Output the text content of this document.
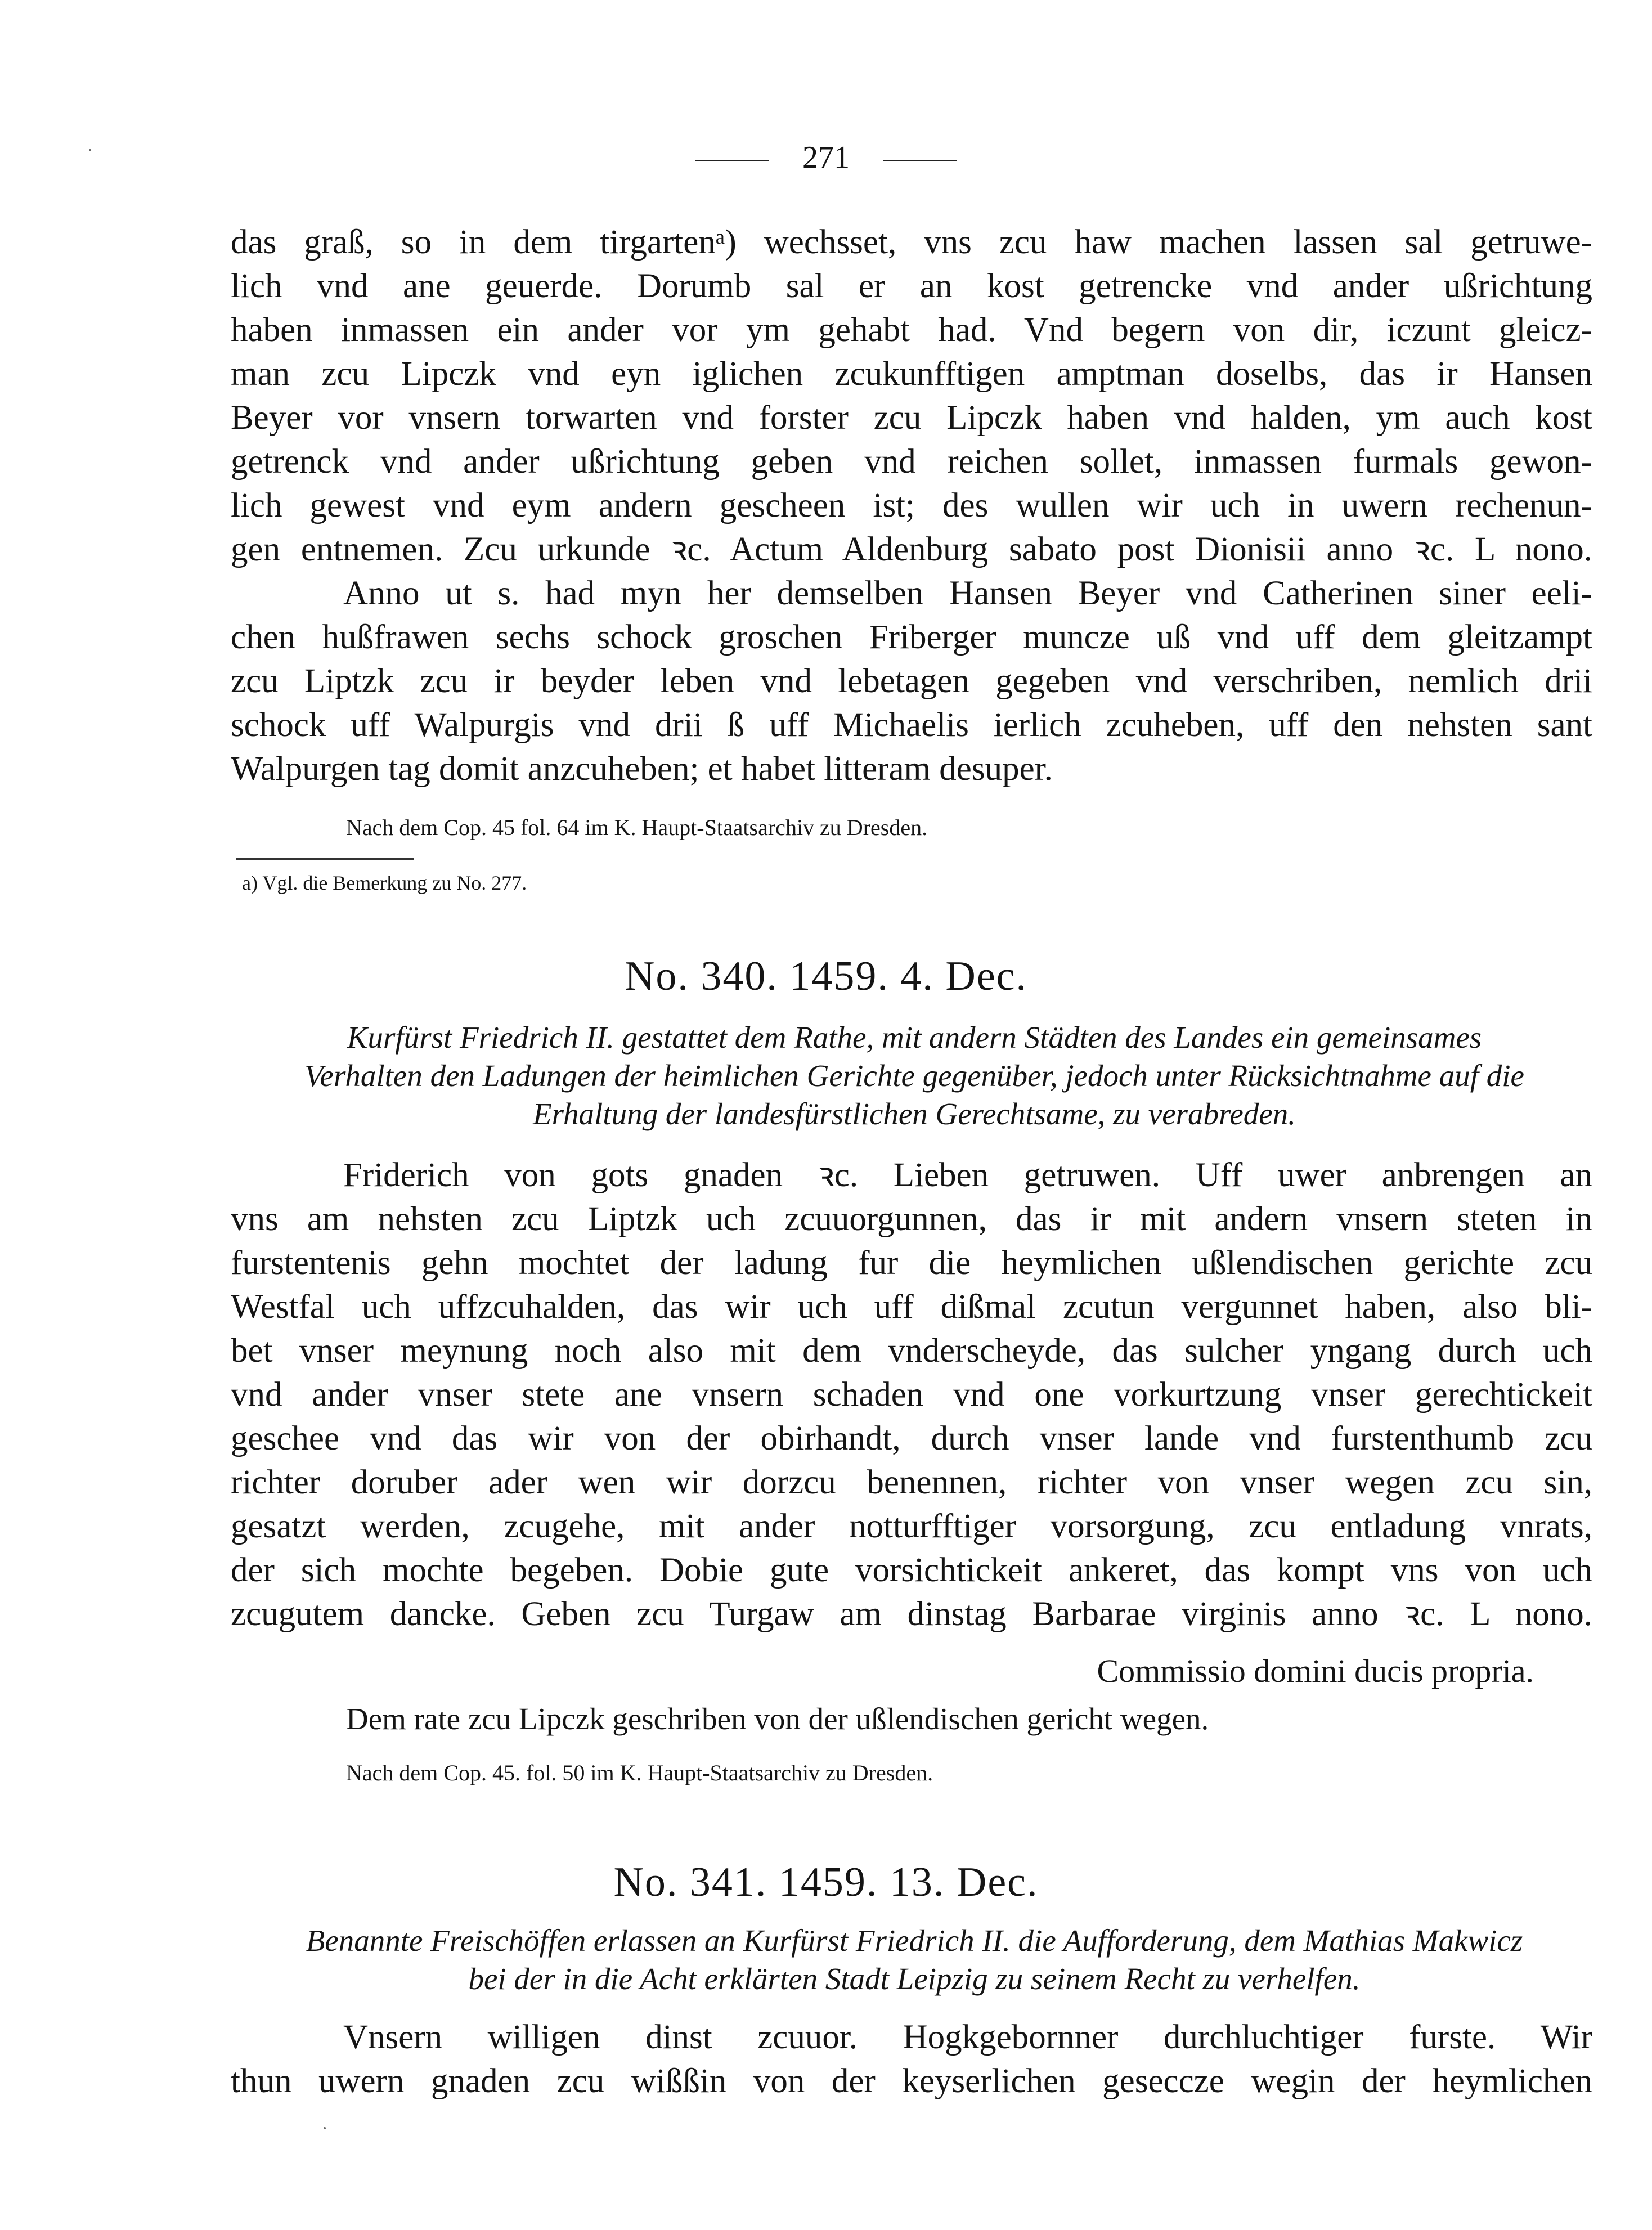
271
das graß, so in dem tirgartenᵃ) wechsset, vns zcu haw machen lassen sal getruwe-
lich vnd ane geuerde. Dorumb sal er an kost getrencke vnd ander ußrichtung
haben inmassen ein ander vor ym gehabt had. Vnd begern von dir, iczunt gleicz-
man zcu Lipczk vnd eyn iglichen zcukunfftigen amptman doselbs, das ir Hansen
Beyer vor vnsern torwarten vnd forster zcu Lipczk haben vnd halden, ym auch kost
getrenck vnd ander ußrichtung geben vnd reichen sollet, inmassen furmals gewon-
lich gewest vnd eym andern gescheen ist; des wullen wir uch in uwern rechenun-
gen entnemen. Zcu urkunde ꝛc. Actum Aldenburg sabato post Dionisii anno ꝛc. L nono.
Anno ut s. had myn her demselben Hansen Beyer vnd Catherinen siner eeli-
chen hußfrawen sechs schock groschen Friberger muncze uß vnd uff dem gleitzampt
zcu Liptzk zcu ir beyder leben vnd lebetagen gegeben vnd verschriben, nemlich drii
schock uff Walpurgis vnd drii ß uff Michaelis ierlich zcuheben, uff den nehsten sant
Walpurgen tag domit anzcuheben; et habet litteram desuper.
Nach dem Cop. 45 fol. 64 im K. Haupt-Staatsarchiv zu Dresden.
a) Vgl. die Bemerkung zu No. 277.
No. 340. 1459. 4. Dec.
Kurfürst Friedrich II. gestattet dem Rathe, mit andern Städten des Landes ein gemeinsames
Verhalten den Ladungen der heimlichen Gerichte gegenüber, jedoch unter Rücksichtnahme auf die
Erhaltung der landesfürstlichen Gerechtsame, zu verabreden.
Friderich von gots gnaden ꝛc. Lieben getruwen. Uff uwer anbrengen an
vns am nehsten zcu Liptzk uch zcuuorgunnen, das ir mit andern vnsern steten in
furstentenis gehn mochtet der ladung fur die heymlichen ußlendischen gerichte zcu
Westfal uch uffzcuhalden, das wir uch uff dißmal zcutun vergunnet haben, also bli-
bet vnser meynung noch also mit dem vnderscheyde, das sulcher yngang durch uch
vnd ander vnser stete ane vnsern schaden vnd one vorkurtzung vnser gerechtickeit
geschee vnd das wir von der obirhandt, durch vnser lande vnd furstenthumb zcu
richter doruber ader wen wir dorzcu benennen, richter von vnser wegen zcu sin,
gesatzt werden, zcugehe, mit ander notturfftiger vorsorgung, zcu entladung vnrats,
der sich mochte begeben. Dobie gute vorsichtickeit ankeret, das kompt vns von uch
zcugutem dancke. Geben zcu Turgaw am dinstag Barbarae virginis anno ꝛc. L nono.
Commissio domini ducis propria.
Dem rate zcu Lipczk geschriben von der ußlendischen gericht wegen.
Nach dem Cop. 45. fol. 50 im K. Haupt-Staatsarchiv zu Dresden.
No. 341. 1459. 13. Dec.
Benannte Freischöffen erlassen an Kurfürst Friedrich II. die Aufforderung, dem Mathias Makwicz
bei der in die Acht erklärten Stadt Leipzig zu seinem Recht zu verhelfen.
Vnsern willigen dinst zcuuor. Hogkgebornner durchluchtiger furste. Wir
thun uwern gnaden zcu wißßin von der keyserlichen geseccze wegin der heymlichen
